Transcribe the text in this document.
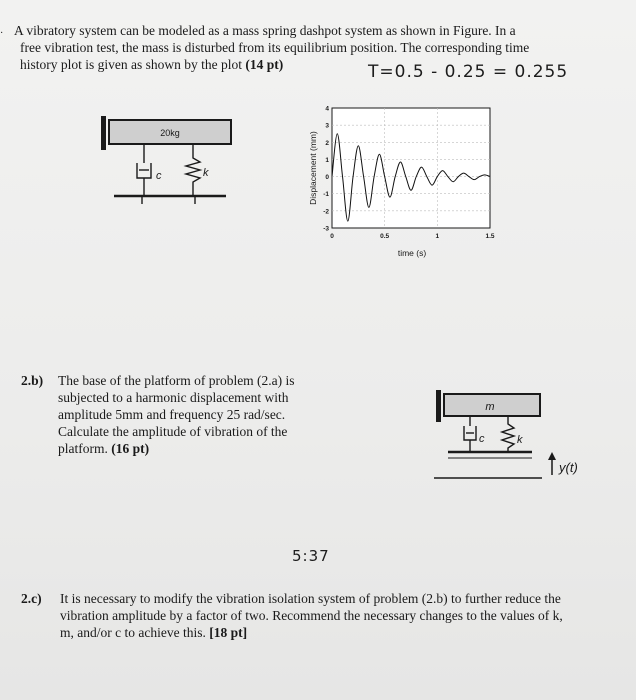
· A vibratory system can be modeled as a mass spring dashpot system as shown in Figure. In a
free vibration test, the mass is disturbed from its equilibrium position. The corresponding time
history plot is given as shown by the plot (14 pt)	T=0.5 - 0.25 = 0.255
20kg
c	k	Displacement (mm)
4
3
2
1
0
-1
-2
-3
0	0.5	1	1.5
time (s)
2.b) The base of the platform of problem (2.a) is
subjected to a harmonic displacement with
amplitude 5mm and frequency 25 rad/sec.
Calculate the amplitude of vibration of the
platform. (16 pt)
5:37
m
c	k
y(t)
2.c) It is necessary to modify the vibration isolation system of problem (2.b) to further reduce the
vibration amplitude by a factor of two. Recommend the necessary changes to the values of k,
m, and/or c to achieve this. [18 pt]
